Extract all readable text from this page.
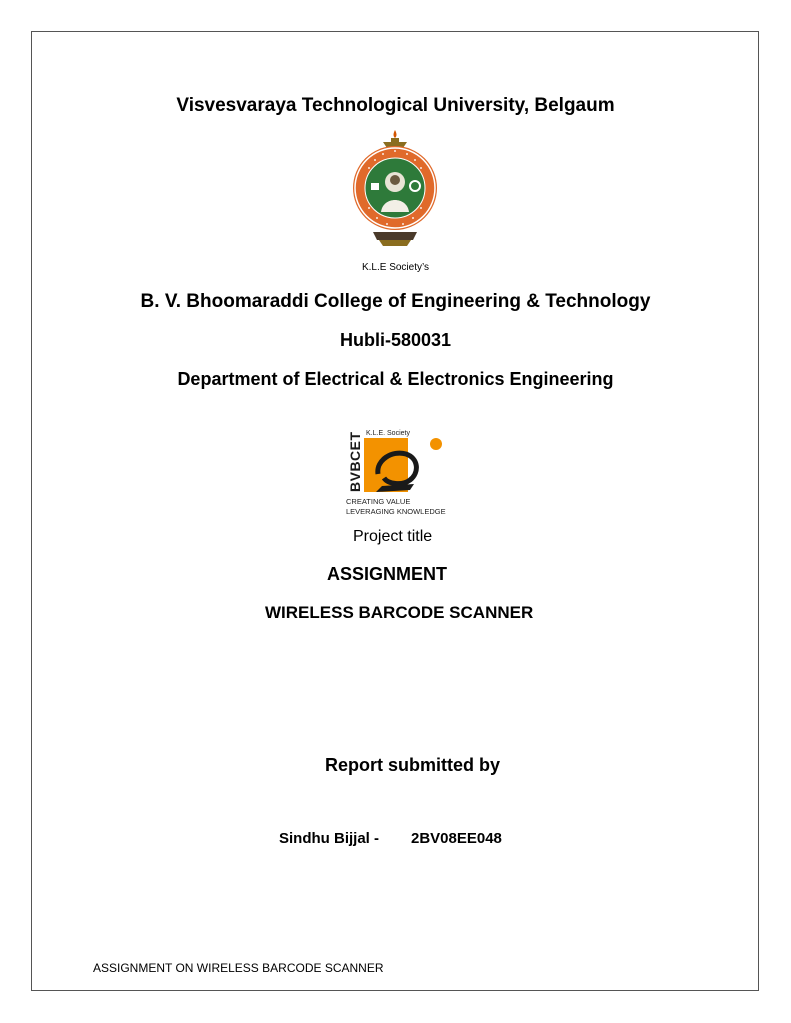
Visvesvaraya Technological University, Belgaum
K.L.E Society’s
B. V. Bhoomaraddi College of Engineering & Technology
Hubli-580031
Department of Electrical & Electronics Engineering
K.L.E. Society
BVBCET
CREATING VALUE
LEVERAGING KNOWLEDGE
Project title
ASSIGNMENT
WIRELESS BARCODE SCANNER
Report submitted by
Sindhu Bijjal - 2BV08EE048
ASSIGNMENT ON WIRELESS BARCODE SCANNER
